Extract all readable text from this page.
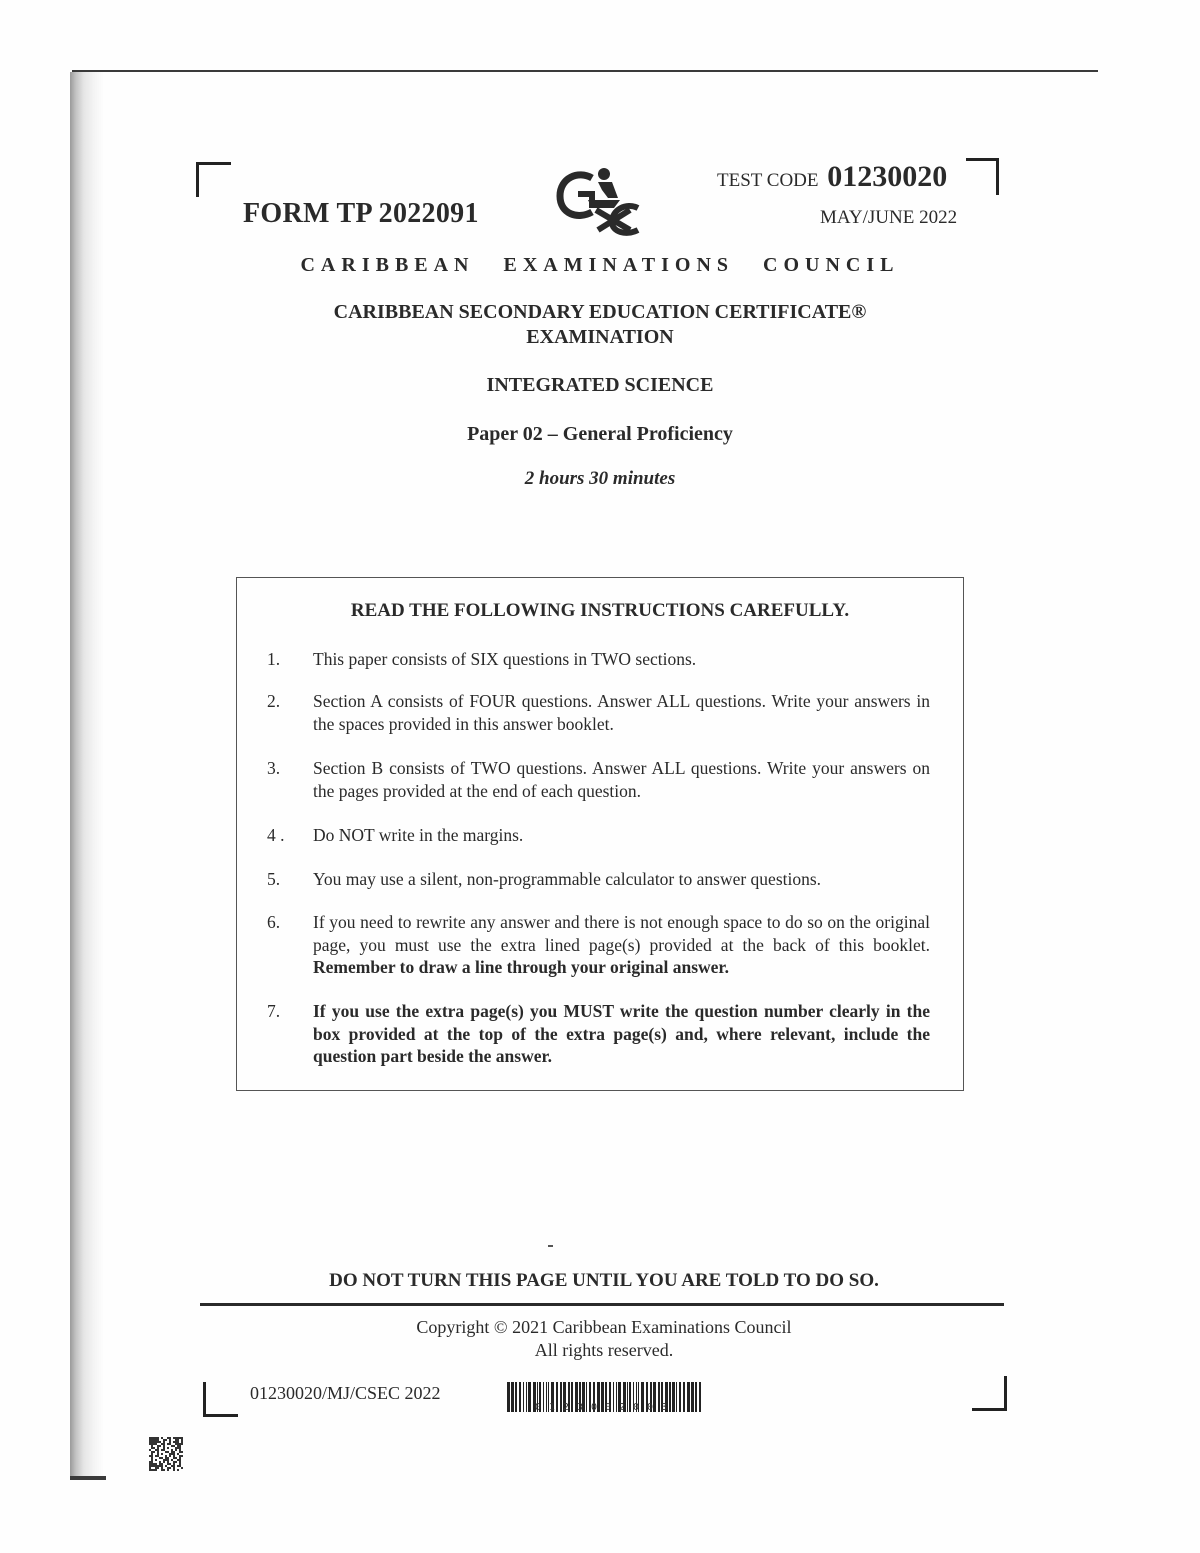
FORM TP 2022091
TEST CODE 01230020
MAY/JUNE 2022
CARIBBEAN EXAMINATIONS COUNCIL
CARIBBEAN SECONDARY EDUCATION CERTIFICATE®
EXAMINATION
INTEGRATED SCIENCE
Paper 02 – General Proficiency
2 hours 30 minutes
READ THE FOLLOWING INSTRUCTIONS CAREFULLY.
1. This paper consists of SIX questions in TWO sections.
2. Section A consists of FOUR questions. Answer ALL questions. Write your answers in the spaces provided in this answer booklet.
3. Section B consists of TWO questions. Answer ALL questions. Write your answers on the pages provided at the end of each question.
4 . Do NOT write in the margins.
5. You may use a silent, non-programmable calculator to answer questions.
6. If you need to rewrite any answer and there is not enough space to do so on the original page, you must use the extra lined page(s) provided at the back of this booklet. Remember to draw a line through your original answer.
7. If you use the extra page(s) you MUST write the question number clearly in the box provided at the top of the extra page(s) and, where relevant, include the question part beside the answer.
DO NOT TURN THIS PAGE UNTIL YOU ARE TOLD TO DO SO.
Copyright © 2021 Caribbean Examinations Council
All rights reserved.
01230020/MJ/CSEC 2022
0123002003
